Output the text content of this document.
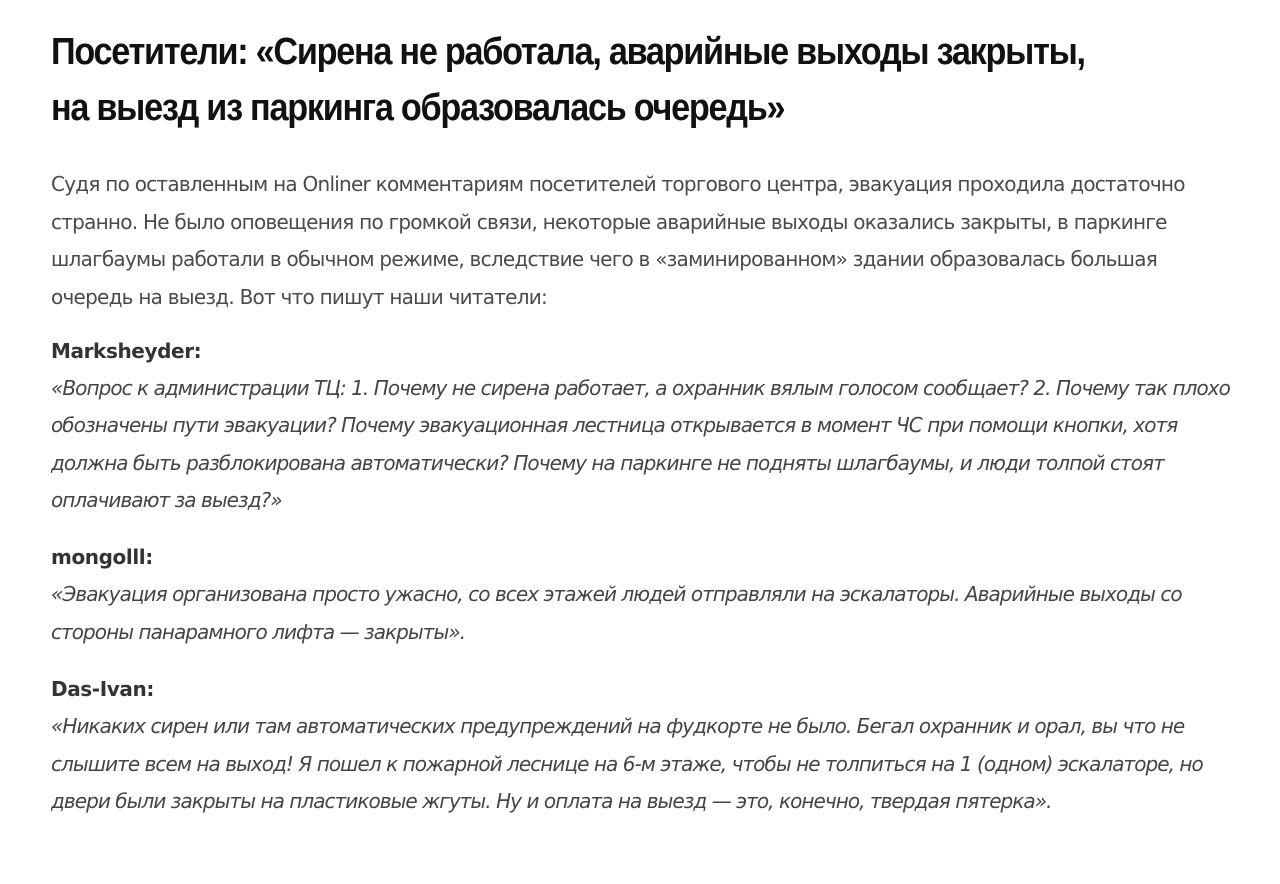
Посетители: «Сирена не работала, аварийные выходы закрыты,
на выезд из паркинга образовалась очередь»

Судя по оставленным на Onliner комментариям посетителей торгового центра, эвакуация проходила достаточно странно. Не было оповещения по громкой связи, некоторые аварийные выходы оказались закрыты, в паркинге шлагбаумы работали в обычном режиме, вследствие чего в «заминированном» здании образовалась большая очередь на выезд. Вот что пишут наши читатели:

Marksheyder:
«Вопрос к администрации ТЦ: 1. Почему не сирена работает, а охранник вялым голосом сообщает? 2. Почему так плохо обозначены пути эвакуации? Почему эвакуационная лестница открывается в момент ЧС при помощи кнопки, хотя должна быть разблокирована автоматически? Почему на паркинге не подняты шлагбаумы, и люди толпой стоят оплачивают за выезд?»
mongolll:
«Эвакуация организована просто ужасно, со всех этажей людей отправляли на эскалаторы. Аварийные выходы со стороны панарамного лифта — закрыты».
Das-Ivan:
«Никаких сирен или там автоматических предупреждений на фудкорте не было. Бегал охранник и орал, вы что не слышите всем на выход! Я пошел к пожарной леснице на 6-м этаже, чтобы не толпиться на 1 (одном) эскалаторе, но двери были закрыты на пластиковые жгуты. Ну и оплата на выезд — это, конечно, твердая пятерка».
